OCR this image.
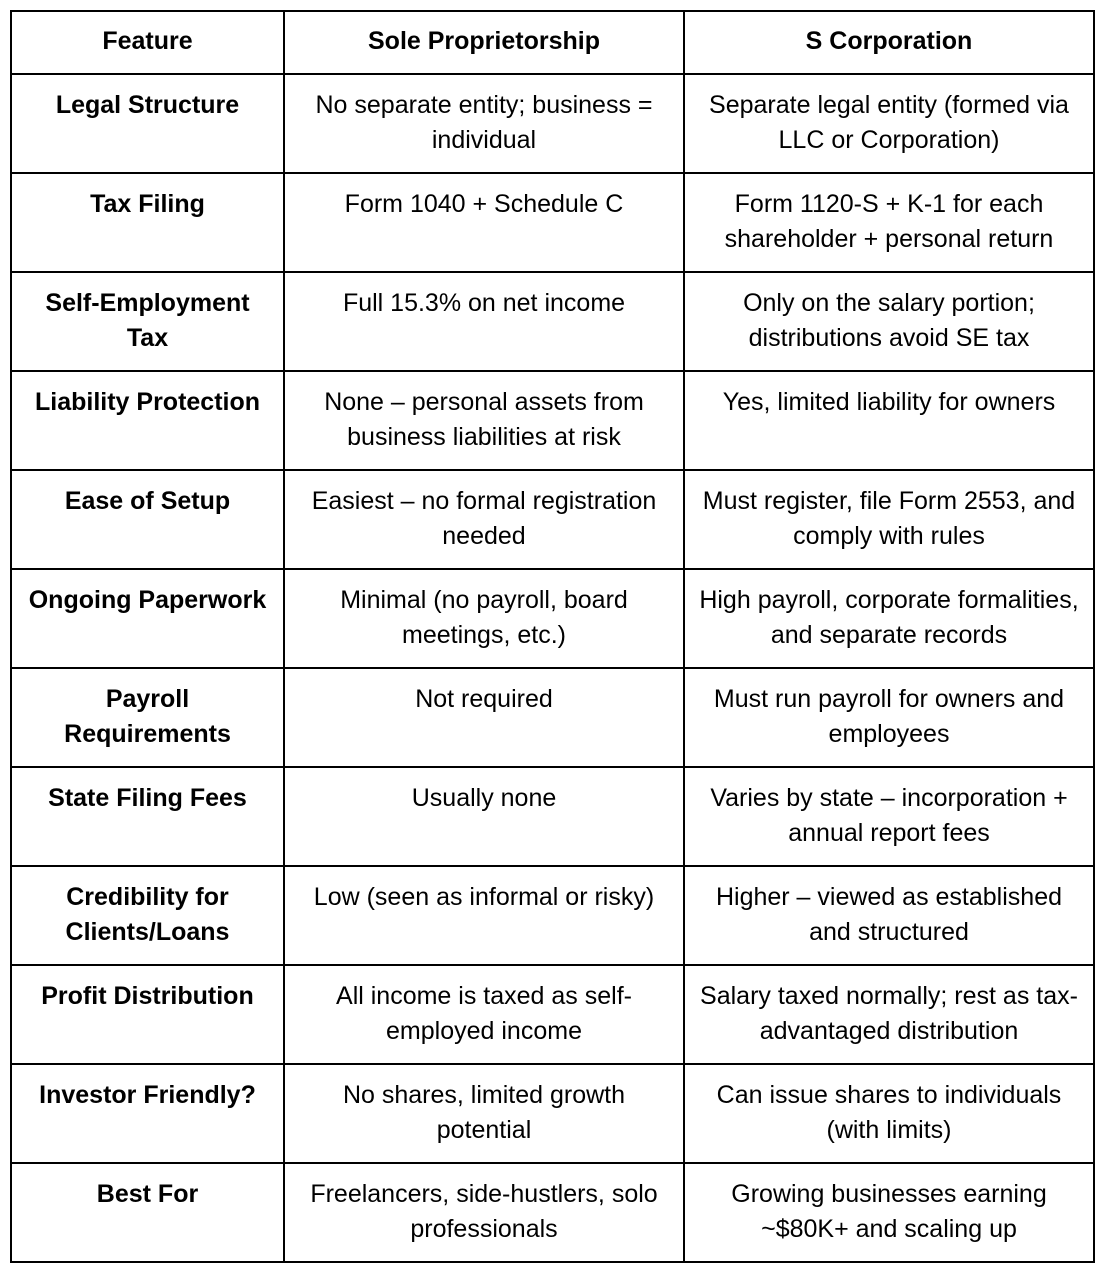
Feature	Sole Proprietorship	S Corporation
Legal Structure	No separate entity; business = individual	Separate legal entity (formed via LLC or Corporation)
Tax Filing	Form 1040 + Schedule C	Form 1120-S + K-1 for each shareholder + personal return
Self-Employment Tax	Full 15.3% on net income	Only on the salary portion; distributions avoid SE tax
Liability Protection	None – personal assets from business liabilities at risk	Yes, limited liability for owners
Ease of Setup	Easiest – no formal registration needed	Must register, file Form 2553, and comply with rules
Ongoing Paperwork	Minimal (no payroll, board meetings, etc.)	High payroll, corporate formalities, and separate records
Payroll Requirements	Not required	Must run payroll for owners and employees
State Filing Fees	Usually none	Varies by state – incorporation + annual report fees
Credibility for Clients/Loans	Low (seen as informal or risky)	Higher – viewed as established and structured
Profit Distribution	All income is taxed as self-employed income	Salary taxed normally; rest as tax-advantaged distribution
Investor Friendly?	No shares, limited growth potential	Can issue shares to individuals (with limits)
Best For	Freelancers, side-hustlers, solo professionals	Growing businesses earning ~$80K+ and scaling up
